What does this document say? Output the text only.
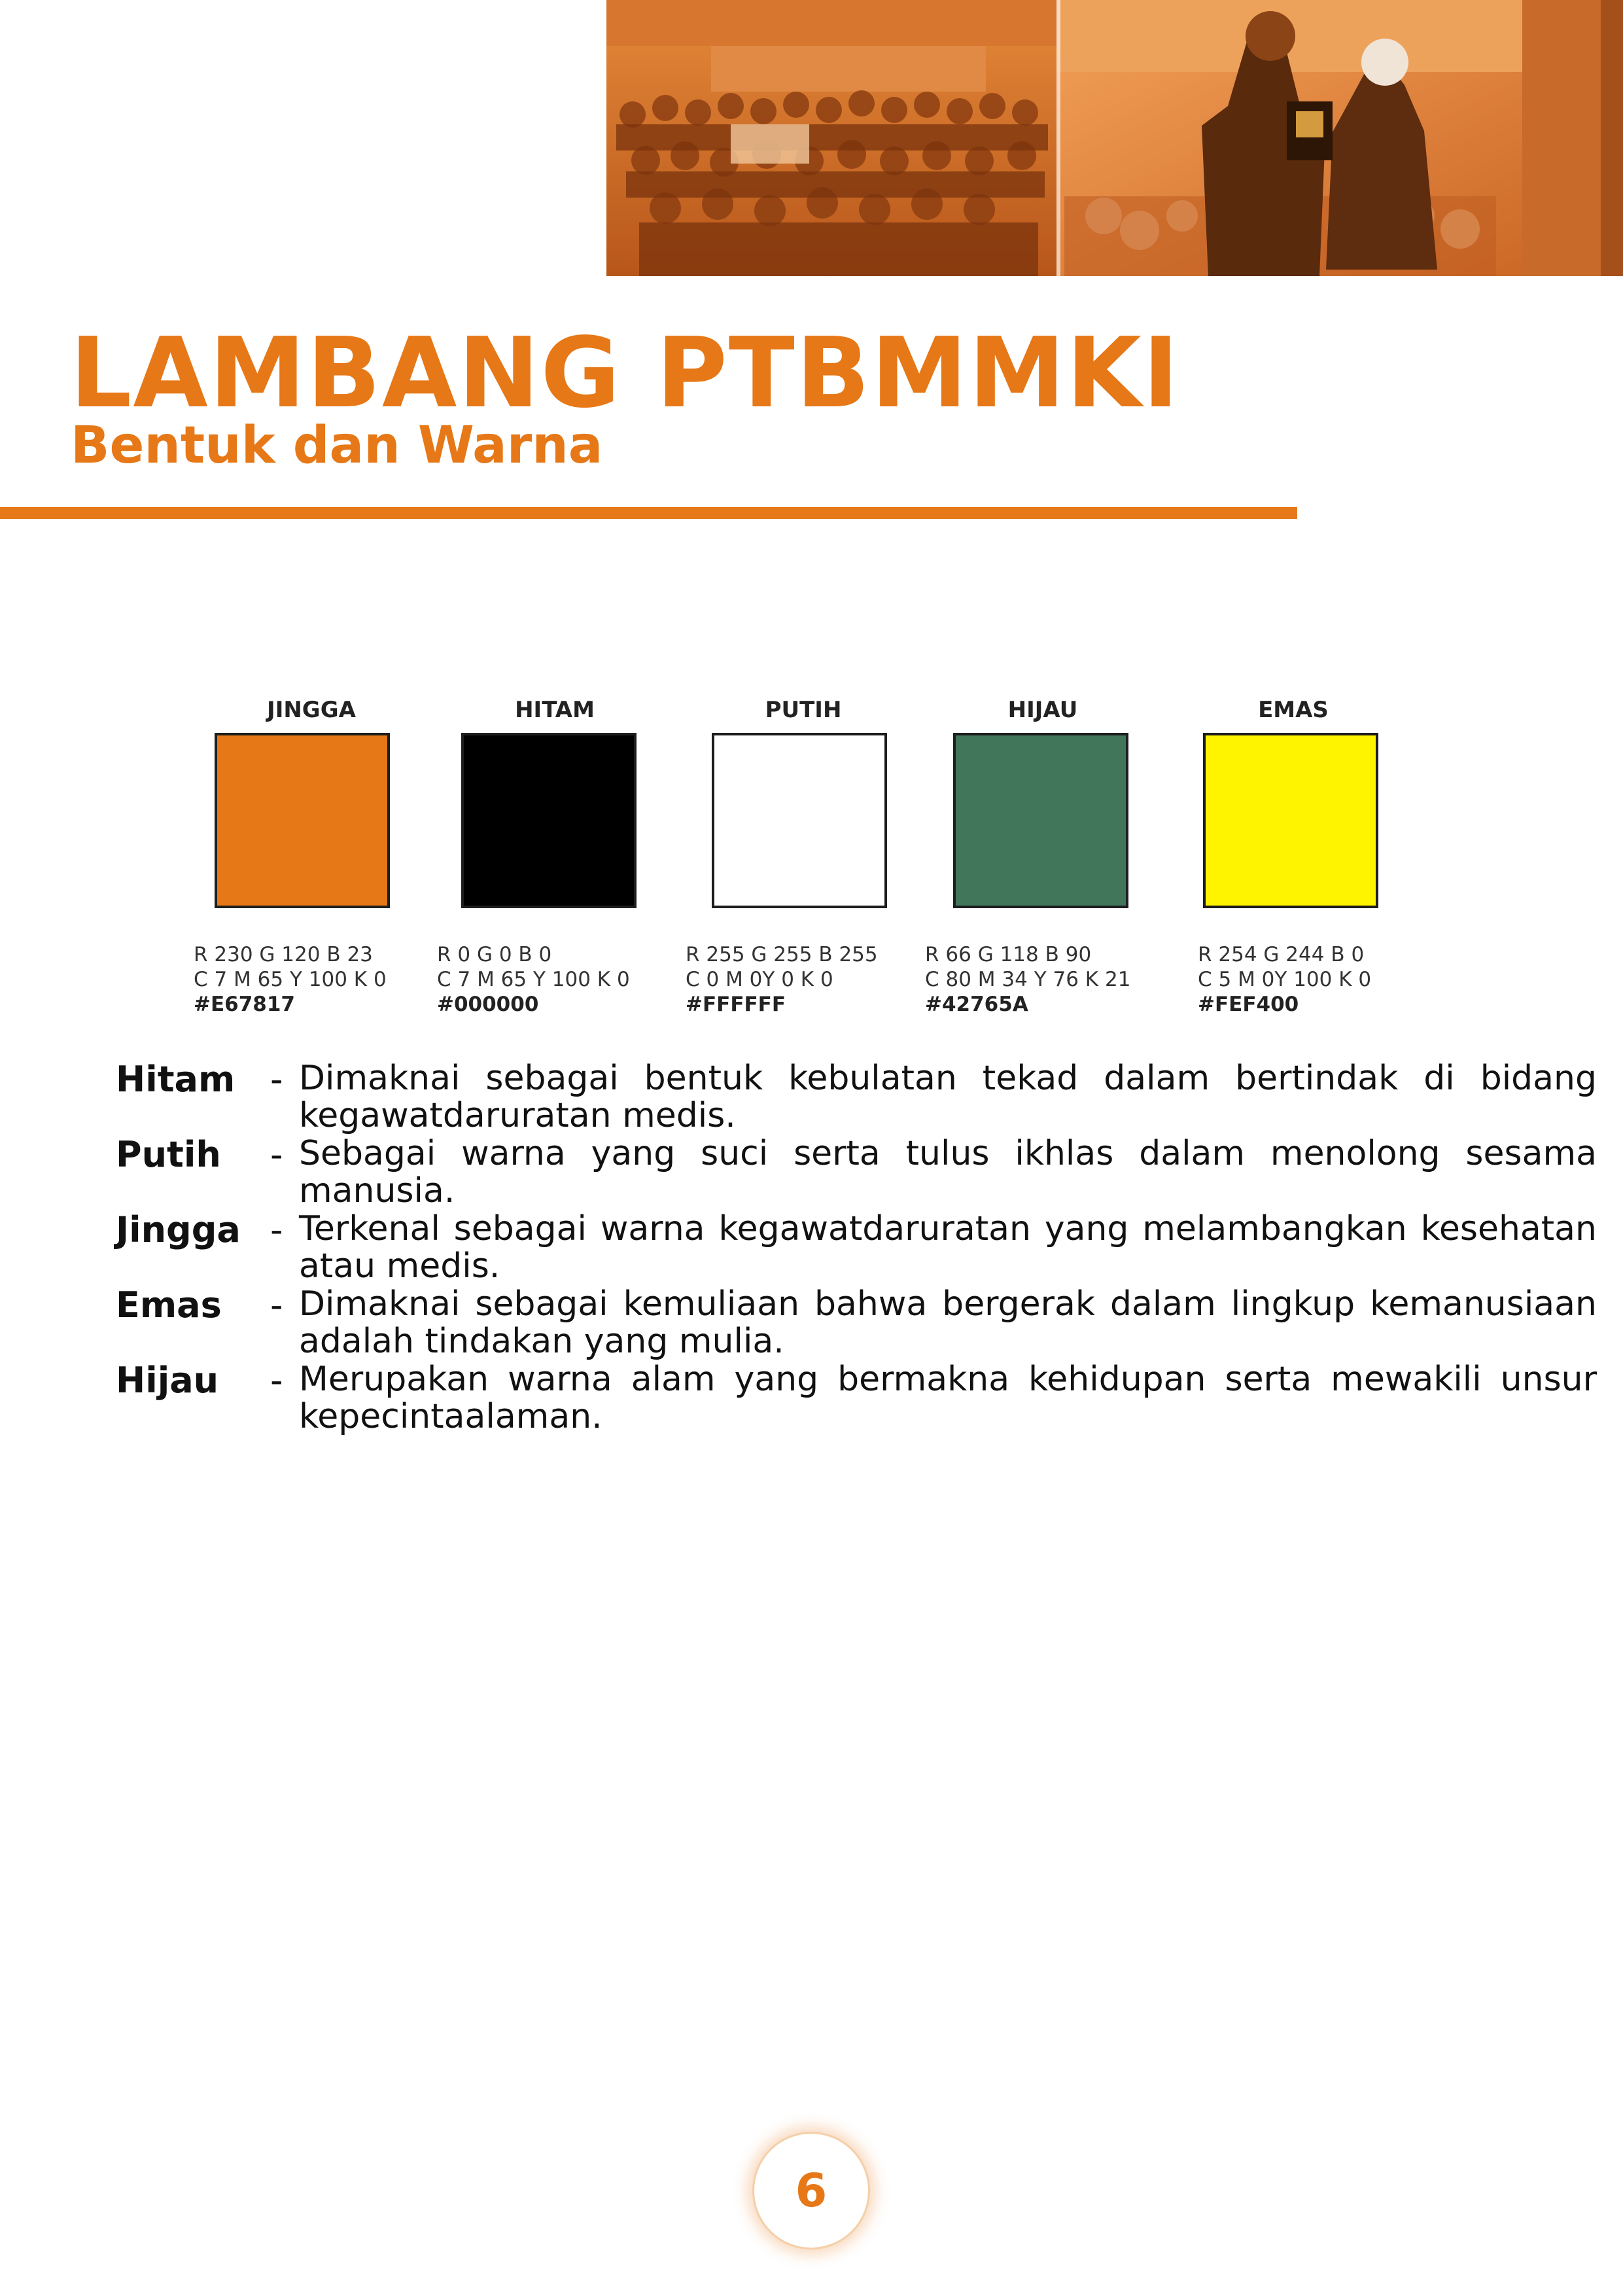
LAMBANG PTBMMKI
Bentuk dan Warna
JINGGA
R 230 G 120 B 23
C 7 M 65 Y 100 K 0
#E67817
HITAM
R 0 G 0 B 0
C 7 M 65 Y 100 K 0
#000000
PUTIH
R 255 G 255 B 255
C 0 M 0Y 0 K 0
#FFFFFF
HIJAU
R 66 G 118 B 90
C 80 M 34 Y 76 K 21
#42765A
EMAS
R 254 G 244 B 0
C 5 M 0Y 100 K 0
#FEF400
Hitam - Dimaknai sebagai bentuk kebulatan tekad dalam bertindak di bidang kegawatdaruratan medis.
Putih - Sebagai warna yang suci serta tulus ikhlas dalam menolong sesama manusia.
Jingga - Terkenal sebagai warna kegawatdaruratan yang melambangkan kesehatan atau medis.
Emas - Dimaknai sebagai kemuliaan bahwa bergerak dalam lingkup kemanusiaan adalah tindakan yang mulia.
Hijau - Merupakan warna alam yang bermakna kehidupan serta mewakili unsur kepecintaalaman.
6
